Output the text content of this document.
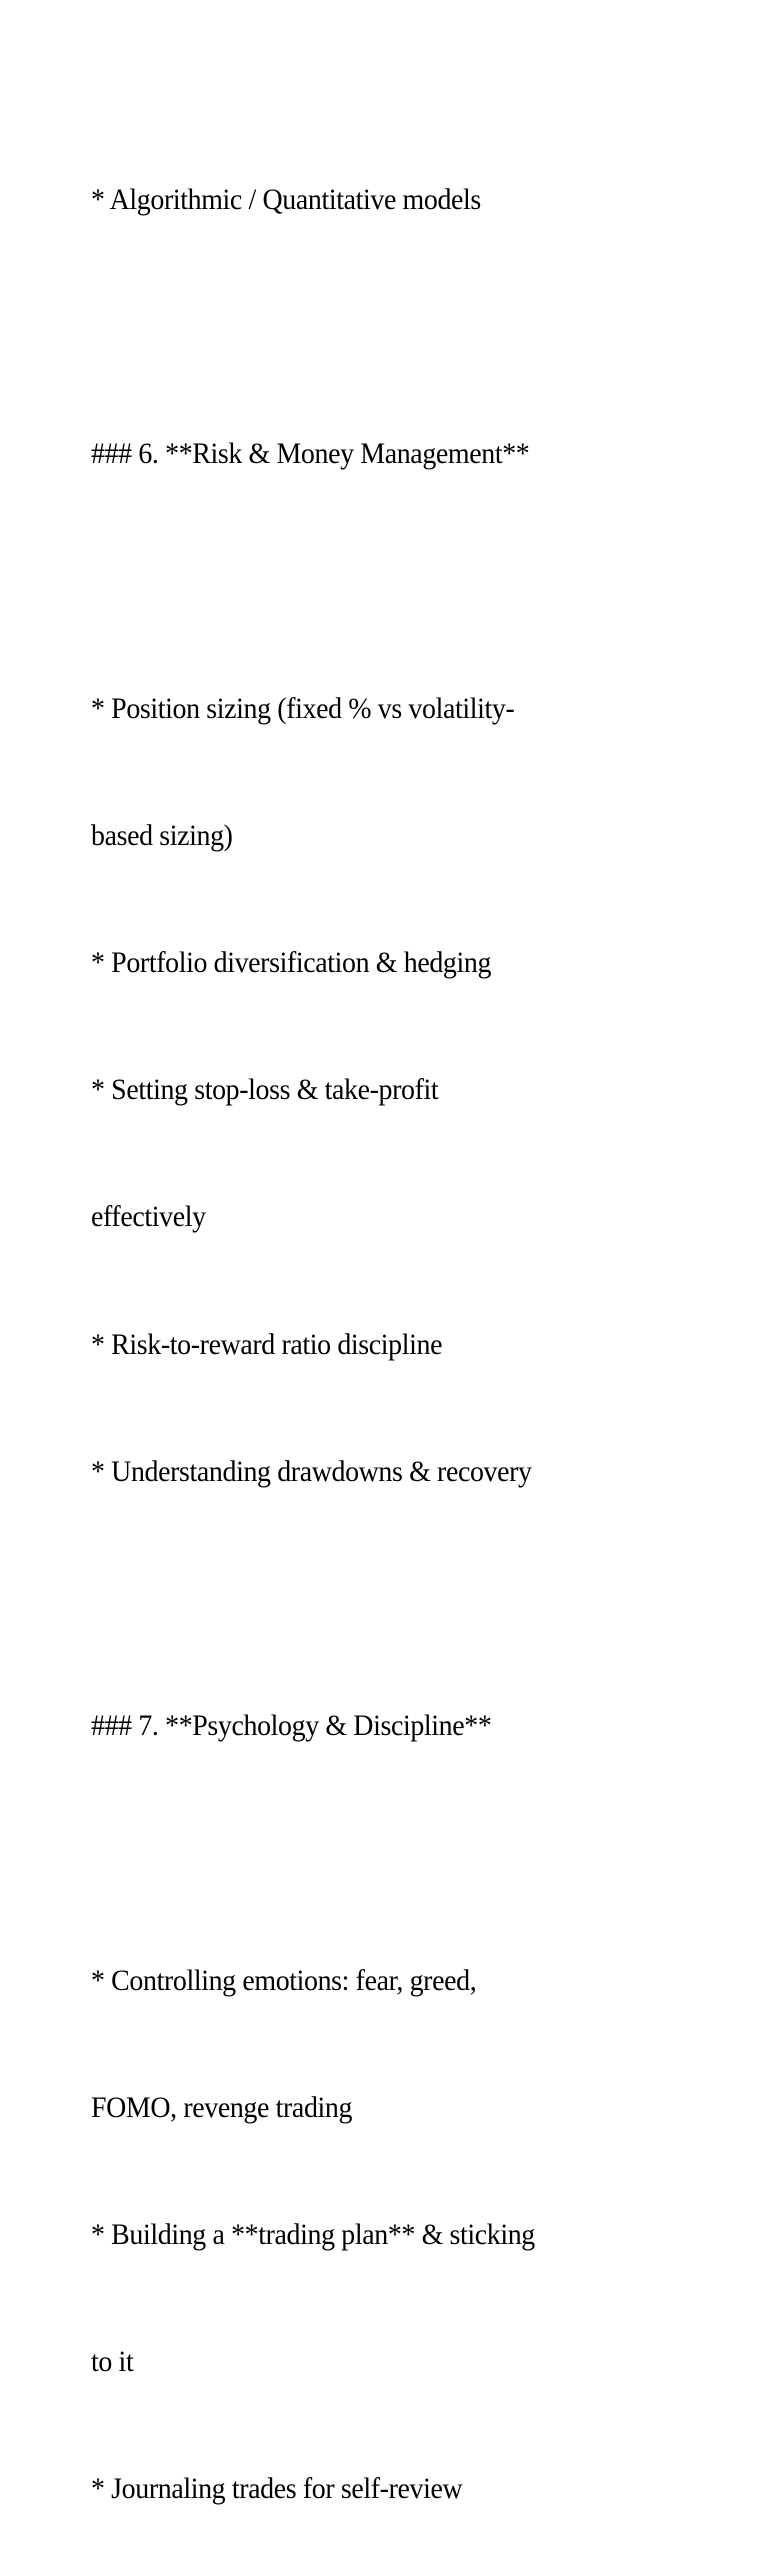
* Algorithmic / Quantitative models

### 6. **Risk & Money Management**

* Position sizing (fixed % vs volatility-

based sizing)

* Portfolio diversification & hedging

* Setting stop-loss & take-profit

effectively

* Risk-to-reward ratio discipline

* Understanding drawdowns & recovery

### 7. **Psychology & Discipline**

* Controlling emotions: fear, greed,

FOMO, revenge trading

* Building a **trading plan** & sticking

to it

* Journaling trades for self-review
